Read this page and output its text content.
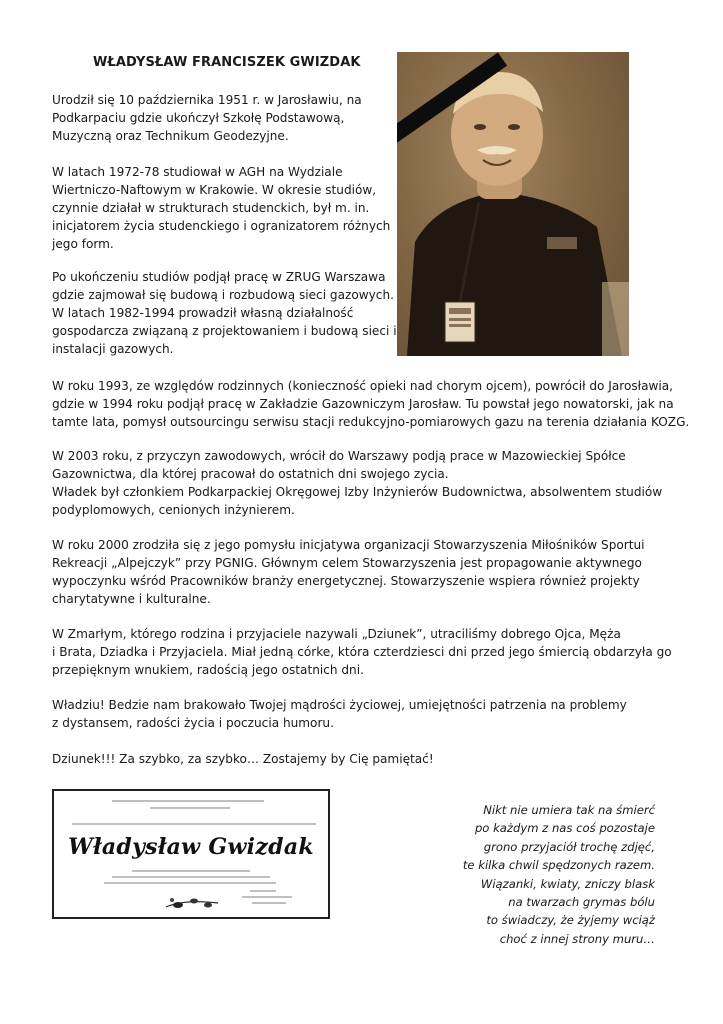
WŁADYSŁAW FRANCISZEK GWIZDAK
Urodził się 10 października 1951 r. w Jarosławiu, na
Podkarpaciu gdzie ukończył Szkołę Podstawową,
Muzyczną oraz Technikum Geodezyjne.
W latach 1972-78 studiował w AGH na Wydziale
Wiertniczo-Naftowym w Krakowie. W okresie studiów,
czynnie działał w strukturach studenckich, był m. in.
inicjatorem życia studenckiego i ogranizatorem różnych
jego form.
Po ukończeniu studiów podjął pracę w ZRUG Warszawa
gdzie zajmował się budową i rozbudową sieci gazowych.
W latach 1982-1994 prowadził własną działalność
gospodarcza związaną z projektowaniem i budową sieci i
instalacji gazowych.
W roku 1993, ze względów rodzinnych (konieczność opieki nad chorym ojcem), powrócił do Jarosławia,
gdzie w 1994 roku podjął pracę w Zakładzie Gazowniczym Jarosław. Tu powstał jego nowatorski, jak na
tamte lata, pomysł outsourcingu serwisu stacji redukcyjno-pomiarowych gazu na terenia działania KOZG.
W 2003 roku, z przyczyn zawodowych, wrócił do Warszawy podją prace w Mazowieckiej Spółce
Gazownictwa, dla której pracował do ostatnich dni swojego zycia.
Władek był członkiem Podkarpackiej Okręgowej Izby Inżynierów Budownictwa, absolwentem studiów
podyplomowych, cenionych inżynierem.
W roku 2000 zrodziła się z jego pomysłu inicjatywa organizacji Stowarzyszenia Miłośników Sportui
Rekreacji „Alpejczyk” przy PGNIG. Głównym celem Stowarzyszenia jest propagowanie aktywnego
wypoczynku wśród Pracowników branży energetycznej. Stowarzyszenie wspiera również projekty
charytatywne i kulturalne.
W Zmarłym, którego rodzina i przyjaciele nazywali „Dziunek”, utraciliśmy dobrego Ojca, Męża
i Brata, Dziadka i Przyjaciela. Miał jedną córke, która czterdziesci dni przed jego śmiercią obdarzyła go
przepięknym wnukiem, radością jego ostatnich dni.
Władziu! Bedzie nam brakowało Twojej mądrości życiowej, umiejętności patrzenia na problemy
z dystansem, radości życia i poczucia humoru.
Dziunek!!! Za szybko, za szybko… Zostajemy by Cię pamiętać!
Władysław Gwizdak
Nikt nie umiera tak na śmierć
po każdym z nas coś pozostaje
grono przyjaciół trochę zdjęć,
te kilka chwil spędzonych razem.
Wiązanki, kwiaty, zniczy blask
na twarzach grymas bólu
to świadczy, że żyjemy wciąż
choć z innej strony muru…
